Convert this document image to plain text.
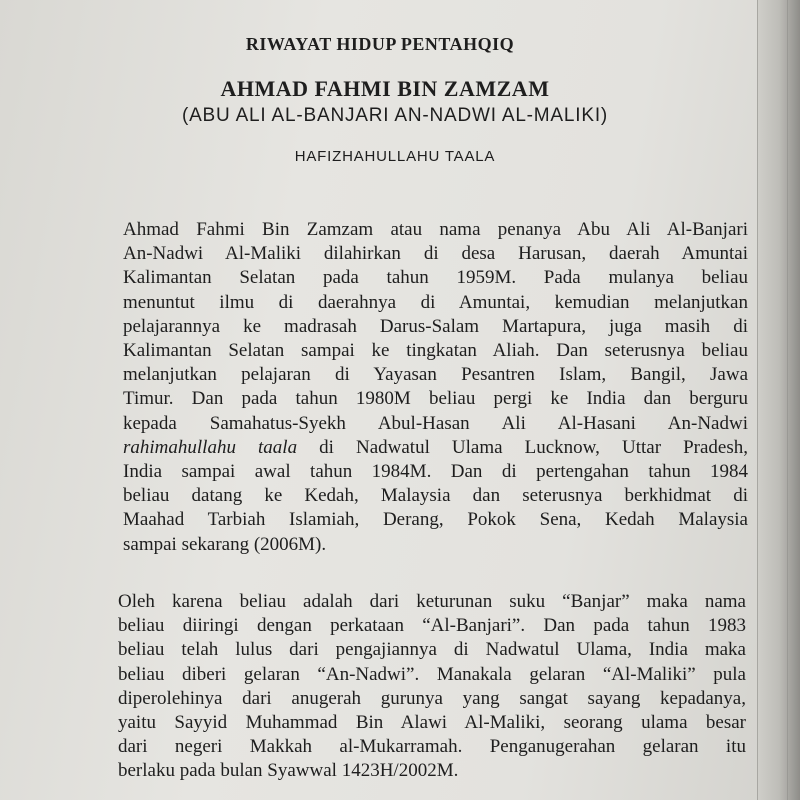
RIWAYAT HIDUP PENTAHQIQ
AHMAD FAHMI BIN ZAMZAM

(ABU ALI AL-BANJARI AN-NADWI AL-MALIKI)

HAFIZHAHULLAHU TAALA

Ahmad Fahmi Bin Zamzam atau nama penanya Abu Ali Al-Banjari
An-Nadwi Al-Maliki dilahirkan di desa Harusan, daerah Amuntai
Kalimantan Selatan pada tahun 1959M. Pada mulanya beliau
menuntut ilmu di daerahnya di Amuntai, kemudian melanjutkan
pelajarannya ke madrasah Darus-Salam Martapura, juga masih di
Kalimantan Selatan sampai ke tingkatan Aliah. Dan seterusnya beliau
melanjutkan pelajaran di Yayasan Pesantren Islam, Bangil, Jawa
Timur. Dan pada tahun 1980M beliau pergi ke India dan berguru
kepada Samahatus-Syekh Abul-Hasan Ali Al-Hasani An-Nadwi
rahimahullahu taala di Nadwatul Ulama Lucknow, Uttar Pradesh,
India sampai awal tahun 1984M. Dan di pertengahan tahun 1984
beliau datang ke Kedah, Malaysia dan seterusnya berkhidmat di
Maahad Tarbiah Islamiah, Derang, Pokok Sena, Kedah Malaysia
sampai sekarang (2006M).
Oleh karena beliau adalah dari keturunan suku “Banjar” maka nama
beliau diiringi dengan perkataan “Al-Banjari”. Dan pada tahun 1983
beliau telah lulus dari pengajiannya di Nadwatul Ulama, India maka
beliau diberi gelaran “An-Nadwi”. Manakala gelaran “Al-Maliki” pula
diperolehinya dari anugerah gurunya yang sangat sayang kepadanya,
yaitu Sayyid Muhammad Bin Alawi Al-Maliki, seorang ulama besar
dari negeri Makkah al-Mukarramah. Penganugerahan gelaran itu
berlaku pada bulan Syawwal 1423H/2002M.
